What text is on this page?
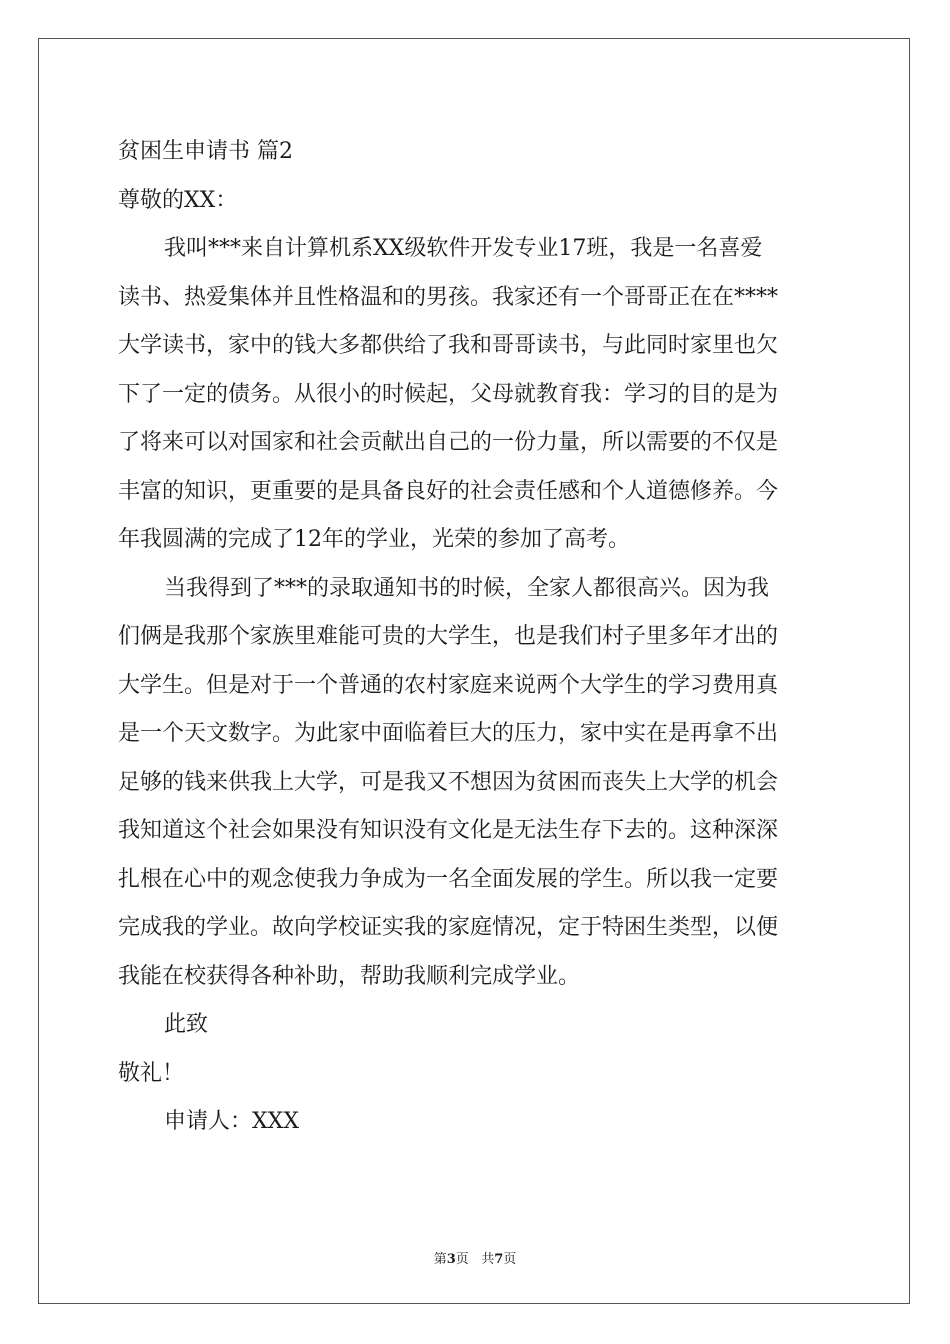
贫困生申请书 篇2

尊敬的XX：

我叫***来自计算机系XX级软件开发专业17班，我是一名喜爱

读书、热爱集体并且性格温和的男孩。我家还有一个哥哥正在在****

大学读书，家中的钱大多都供给了我和哥哥读书，与此同时家里也欠

下了一定的债务。从很小的时候起，父母就教育我：学习的目的是为

了将来可以对国家和社会贡献出自己的一份力量，所以需要的不仅是

丰富的知识，更重要的是具备良好的社会责任感和个人道德修养。今

年我圆满的完成了12年的学业，光荣的参加了高考。

当我得到了***的录取通知书的时候，全家人都很高兴。因为我

们俩是我那个家族里难能可贵的大学生，也是我们村子里多年才出的

大学生。但是对于一个普通的农村家庭来说两个大学生的学习费用真

是一个天文数字。为此家中面临着巨大的压力，家中实在是再拿不出

足够的钱来供我上大学，可是我又不想因为贫困而丧失上大学的机会

我知道这个社会如果没有知识没有文化是无法生存下去的。这种深深

扎根在心中的观念使我力争成为一名全面发展的学生。所以我一定要

完成我的学业。故向学校证实我的家庭情况，定于特困生类型，以便

我能在校获得各种补助，帮助我顺利完成学业。

此致

敬礼！

申请人：XXX

第3页 共7页
